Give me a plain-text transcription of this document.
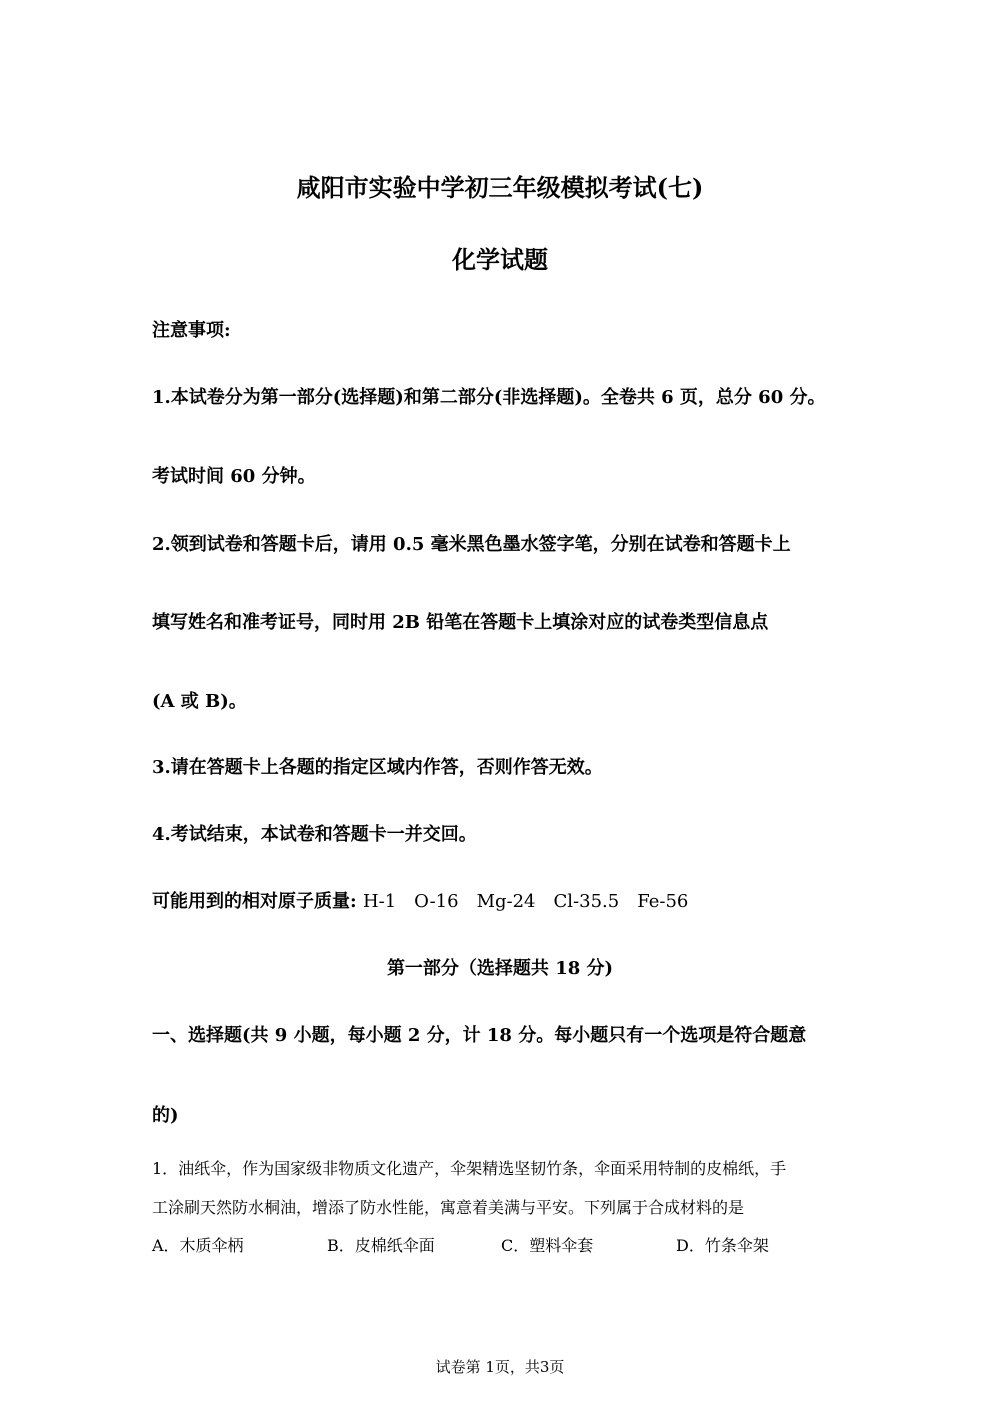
咸阳市实验中学初三年级模拟考试(七)
化学试题
注意事项:
1.本试卷分为第一部分(选择题)和第二部分(非选择题)。全卷共 6 页，总分 60 分。
考试时间 60 分钟。
2.领到试卷和答题卡后，请用 0.5 毫米黑色墨水签字笔，分别在试卷和答题卡上
填写姓名和准考证号，同时用 2B 铅笔在答题卡上填涂对应的试卷类型信息点
(A 或 B)。
3.请在答题卡上各题的指定区域内作答，否则作答无效。
4.考试结束，本试卷和答题卡一并交回。
可能用到的相对原子质量: H-1　O-16　Mg-24　Cl-35.5　Fe-56
第一部分（选择题共 18 分)
一、选择题(共 9 小题，每小题 2 分，计 18 分。每小题只有一个选项是符合题意
的)
1．油纸伞，作为国家级非物质文化遗产，伞架精选坚韧竹条，伞面采用特制的皮棉纸，手
工涂刷天然防水桐油，增添了防水性能，寓意着美满与平安。下列属于合成材料的是
A．木质伞柄	B．皮棉纸伞面	C．塑料伞套	D．竹条伞架
试卷第 1页，共3页
